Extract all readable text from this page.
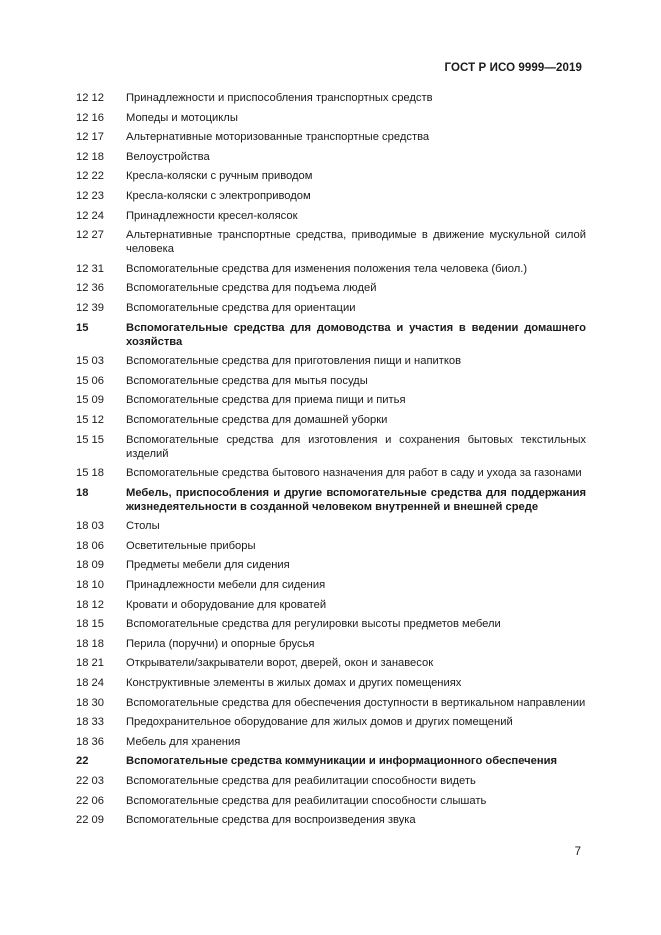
ГОСТ Р ИСО 9999—2019
12 12	Принадлежности и приспособления транспортных средств
12 16	Мопеды и мотоциклы
12 17	Альтернативные моторизованные транспортные средства
12 18	Велоустройства
12 22	Кресла-коляски с ручным приводом
12 23	Кресла-коляски с электроприводом
12 24	Принадлежности кресел-колясок
12 27	Альтернативные транспортные средства, приводимые в движение мускульной силой человека
12 31	Вспомогательные средства для изменения положения тела человека (биол.)
12 36	Вспомогательные средства для подъема людей
12 39	Вспомогательные средства для ориентации
15	Вспомогательные средства для домоводства и участия в ведении домашнего хозяйства
15 03	Вспомогательные средства для приготовления пищи и напитков
15 06	Вспомогательные средства для мытья посуды
15 09	Вспомогательные средства для приема пищи и питья
15 12	Вспомогательные средства для домашней уборки
15 15	Вспомогательные средства для изготовления и сохранения бытовых текстильных изделий
15 18	Вспомогательные средства бытового назначения для работ в саду и ухода за газонами
18	Мебель, приспособления и другие вспомогательные средства для поддержания жизнедеятельности в созданной человеком внутренней и внешней среде
18 03	Столы
18 06	Осветительные приборы
18 09	Предметы мебели для сидения
18 10	Принадлежности мебели для сидения
18 12	Кровати и оборудование для кроватей
18 15	Вспомогательные средства для регулировки высоты предметов мебели
18 18	Перила (поручни) и опорные брусья
18 21	Открыватели/закрыватели ворот, дверей, окон и занавесок
18 24	Конструктивные элементы в жилых домах и других помещениях
18 30	Вспомогательные средства для обеспечения доступности в вертикальном направлении
18 33	Предохранительное оборудование для жилых домов и других помещений
18 36	Мебель для хранения
22	Вспомогательные средства коммуникации и информационного обеспечения
22 03	Вспомогательные средства для реабилитации способности видеть
22 06	Вспомогательные средства для реабилитации способности слышать
22 09	Вспомогательные средства для воспроизведения звука
7
